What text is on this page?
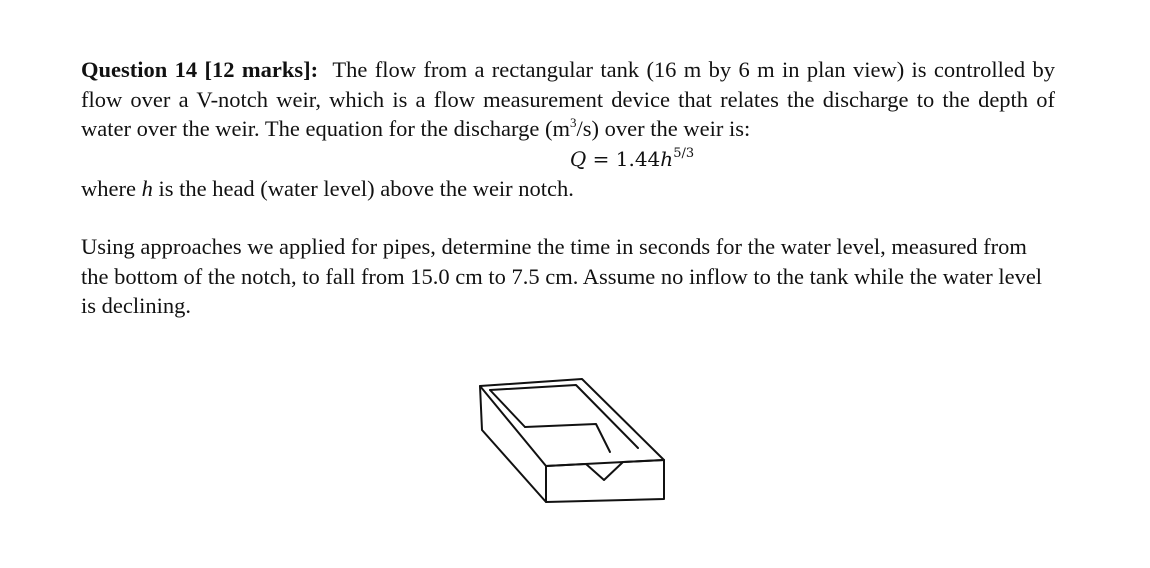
Question 14 [12 marks]: The flow from a rectangular tank (16 m by 6 m in plan view) is controlled by flow over a V-notch weir, which is a flow measurement device that relates the discharge to the depth of water over the weir. The equation for the discharge $(m^3/s)$ over the weir is:

$Q = 1.44h^{5/3}$

where h is the head (water level) above the weir notch.

Using approaches we applied for pipes, determine the time in seconds for the water level, measured from the bottom of the notch, to fall from 15.0 cm to 7.5 cm. Assume no inflow to the tank while the water level is declining.
